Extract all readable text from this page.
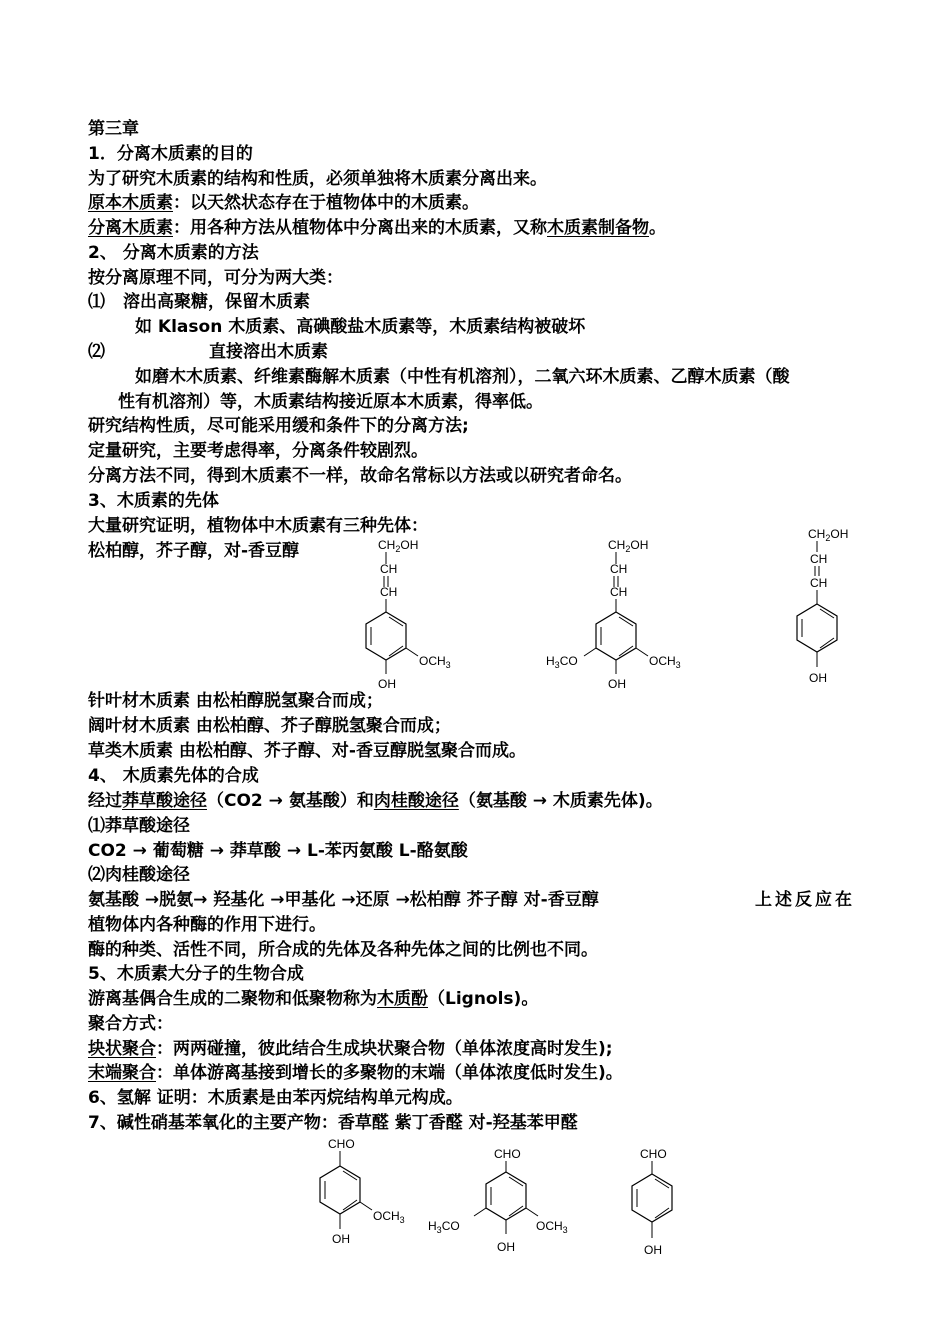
第三章
1．分离木质素的目的
为了研究木质素的结构和性质，必须单独将木质素分离出来。
原本木质素：以天然状态存在于植物体中的木质素。
分离木质素：用各种方法从植物体中分离出来的木质素，又称木质素制备物。
2、 分离木质素的方法
按分离原理不同，可分为两大类：
⑴ 溶出高聚糖，保留木质素
如 Klason 木质素、高碘酸盐木质素等，木质素结构被破坏
⑵	直接溶出木质素
如磨木木质素、纤维素酶解木质素（中性有机溶剂），二氧六环木质素、乙醇木质素（酸
性有机溶剂）等，木质素结构接近原本木质素，得率低。
研究结构性质，尽可能采用缓和条件下的分离方法;
定量研究，主要考虑得率，分离条件较剧烈。
分离方法不同，得到木质素不一样，故命名常标以方法或以研究者命名。
3、木质素的先体
大量研究证明，植物体中木质素有三种先体：
松柏醇，芥子醇，对-香豆醇	$CH_2OH$
CH
CH
$OCH_3$
OH
$CH_2OH$
CH
CH
$OCH_3$
$H_3CO$
OH
$CH_2OH$
CH
CH
OH
针叶材木质素 由松柏醇脱氢聚合而成；
阔叶材木质素 由松柏醇、芥子醇脱氢聚合而成；
草类木质素 由松柏醇、芥子醇、对-香豆醇脱氢聚合而成。
4、 木质素先体的合成
经过莽草酸途径（CO2 → 氨基酸）和肉桂酸途径（氨基酸 → 木质素先体)。
⑴莽草酸途径
CO2 → 葡萄糖 → 莽草酸 → L-苯丙氨酸 L-酪氨酸
⑵肉桂酸途径
氨基酸 →脱氨→ 羟基化 →甲基化 →还原 →松柏醇 芥子醇 对-香豆醇	上述反应在
植物体内各种酶的作用下进行。
酶的种类、活性不同，所合成的先体及各种先体之间的比例也不同。
5、木质素大分子的生物合成
游离基偶合生成的二聚物和低聚物称为木质酚（Lignols)。
聚合方式：
块状聚合：两两碰撞，彼此结合生成块状聚合物（单体浓度高时发生);
末端聚合：单体游离基接到增长的多聚物的末端（单体浓度低时发生)。
6、氢解 证明：木质素是由苯丙烷结构单元构成。
7、碱性硝基苯氧化的主要产物：香草醛 紫丁香醛 对-羟基苯甲醛
CHO
$OCH_3$
OH
CHO
$OCH_3$
$H_3CO$
OH
CHO
OH
